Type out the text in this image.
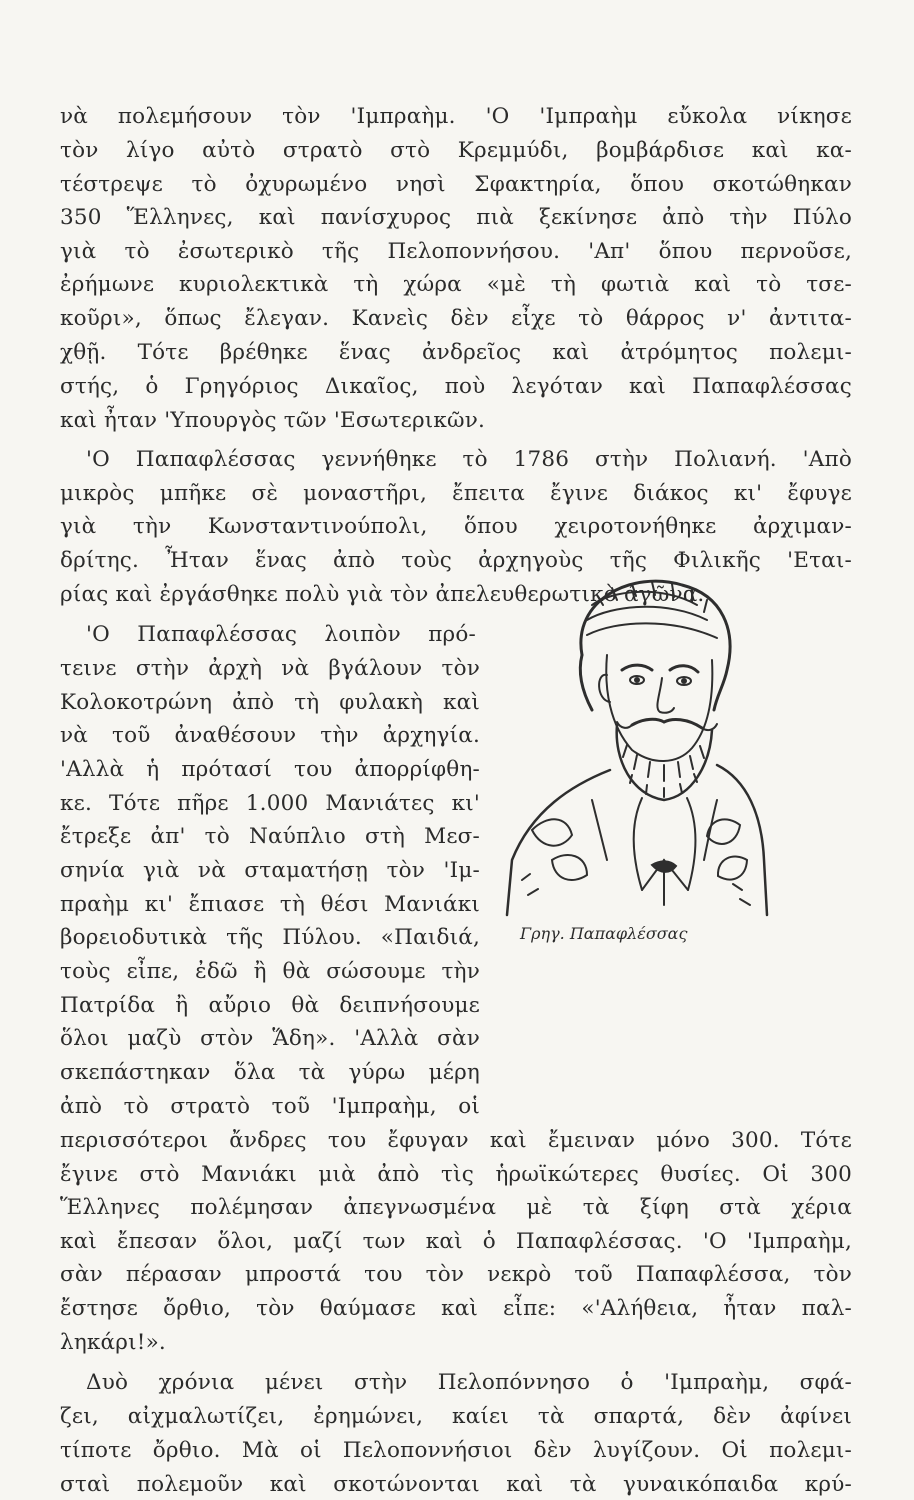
νὰ πολεμήσουν τὸν 'Ιμπραὴμ. 'Ο 'Ιμπραὴμ εὔκολα νίκησε
τὸν λίγο αὐτὸ στρατὸ στὸ Κρεμμύδι, βομβάρδισε καὶ κα-
τέστρεψε τὸ ὀχυρωμένο νησὶ Σφακτηρία, ὅπου σκοτώθηκαν
350 Ἕλληνες, καὶ πανίσχυρος πιὰ ξεκίνησε ἀπὸ τὴν Πύλο
γιὰ τὸ ἐσωτερικὸ τῆς Πελοποννήσου. 'Απ' ὅπου περνοῦσε,
ἐρήμωνε κυριολεκτικὰ τὴ χώρα «μὲ τὴ φωτιὰ καὶ τὸ τσε-
κοῦρι», ὅπως ἔλεγαν. Κανεὶς δὲν εἶχε τὸ θάρρος ν' ἀντιτα-
χθῇ. Τότε βρέθηκε ἕνας ἀνδρεῖος καὶ ἀτρόμητος πολεμι-
στής, ὁ Γρηγόριος Δικαῖος, ποὺ λεγόταν καὶ Παπαφλέσσας
καὶ ἦταν 'Υπουργὸς τῶν 'Εσωτερικῶν.
'Ο Παπαφλέσσας γεννήθηκε τὸ 1786 στὴν Πολιανή. 'Απὸ
μικρὸς μπῆκε σὲ μοναστῆρι, ἔπειτα ἔγινε διάκος κι' ἔφυγε
γιὰ τὴν Κωνσταντινούπολι, ὅπου χειροτονήθηκε ἀρχιμαν-
δρίτης. Ἦταν ἕνας ἀπὸ τοὺς ἀρχηγοὺς τῆς Φιλικῆς 'Εται-
ρίας καὶ ἐργάσθηκε πολὺ γιὰ τὸν ἀπελευθερωτικὸ ἀγῶνα.
'Ο Παπαφλέσσας λοιπὸν πρό-
τεινε στὴν ἀρχὴ νὰ βγάλουν τὸν
Κολοκοτρώνη ἀπὸ τὴ φυλακὴ καὶ
νὰ τοῦ ἀναθέσουν τὴν ἀρχηγία.
'Αλλὰ ἡ πρότασί του ἀπορρίφθη-
κε. Τότε πῆρε 1.000 Μανιάτες κι'
ἔτρεξε ἀπ' τὸ Ναύπλιο στὴ Μεσ-
σηνία γιὰ νὰ σταματήσῃ τὸν 'Ιμ-
πραὴμ κι' ἔπιασε τὴ θέσι Μανιάκι
βορειοδυτικὰ τῆς Πύλου. «Παιδιά,
τοὺς εἶπε, ἐδῶ ἢ θὰ σώσουμε τὴν
Πατρίδα ἢ αὔριο θὰ δειπνήσουμε
ὅλοι μαζὺ στὸν Ἅδη». 'Αλλὰ σὰν
σκεπάστηκαν ὅλα τὰ γύρω μέρη
ἀπὸ τὸ στρατὸ τοῦ 'Ιμπραὴμ, οἱ
περισσότεροι ἄνδρες του ἔφυγαν καὶ ἔμειναν μόνο 300. Τότε
ἔγινε στὸ Μανιάκι μιὰ ἀπὸ τὶς ἡρωϊκώτερες θυσίες. Οἱ 300
Ἕλληνες πολέμησαν ἀπεγνωσμένα μὲ τὰ ξίφη στὰ χέρια
καὶ ἔπεσαν ὅλοι, μαζί των καὶ ὁ Παπαφλέσσας. 'Ο 'Ιμπραὴμ,
σὰν πέρασαν μπροστά του τὸν νεκρὸ τοῦ Παπαφλέσσα, τὸν
ἔστησε ὄρθιο, τὸν θαύμασε καὶ εἶπε: «'Αλήθεια, ἦταν παλ-
ληκάρι!».
Γρηγ. Παπαφλέσσας
Δυὸ χρόνια μένει στὴν Πελοπόννησο ὁ 'Ιμπραὴμ, σφά-
ζει, αἰχμαλωτίζει, ἐρημώνει, καίει τὰ σπαρτά, δὲν ἀφίνει
τίποτε ὄρθιο. Μὰ οἱ Πελοποννήσιοι δὲν λυγίζουν. Οἱ πολεμι-
σταὶ πολεμοῦν καὶ σκοτώνονται καὶ τὰ γυναικόπαιδα κρύ-
